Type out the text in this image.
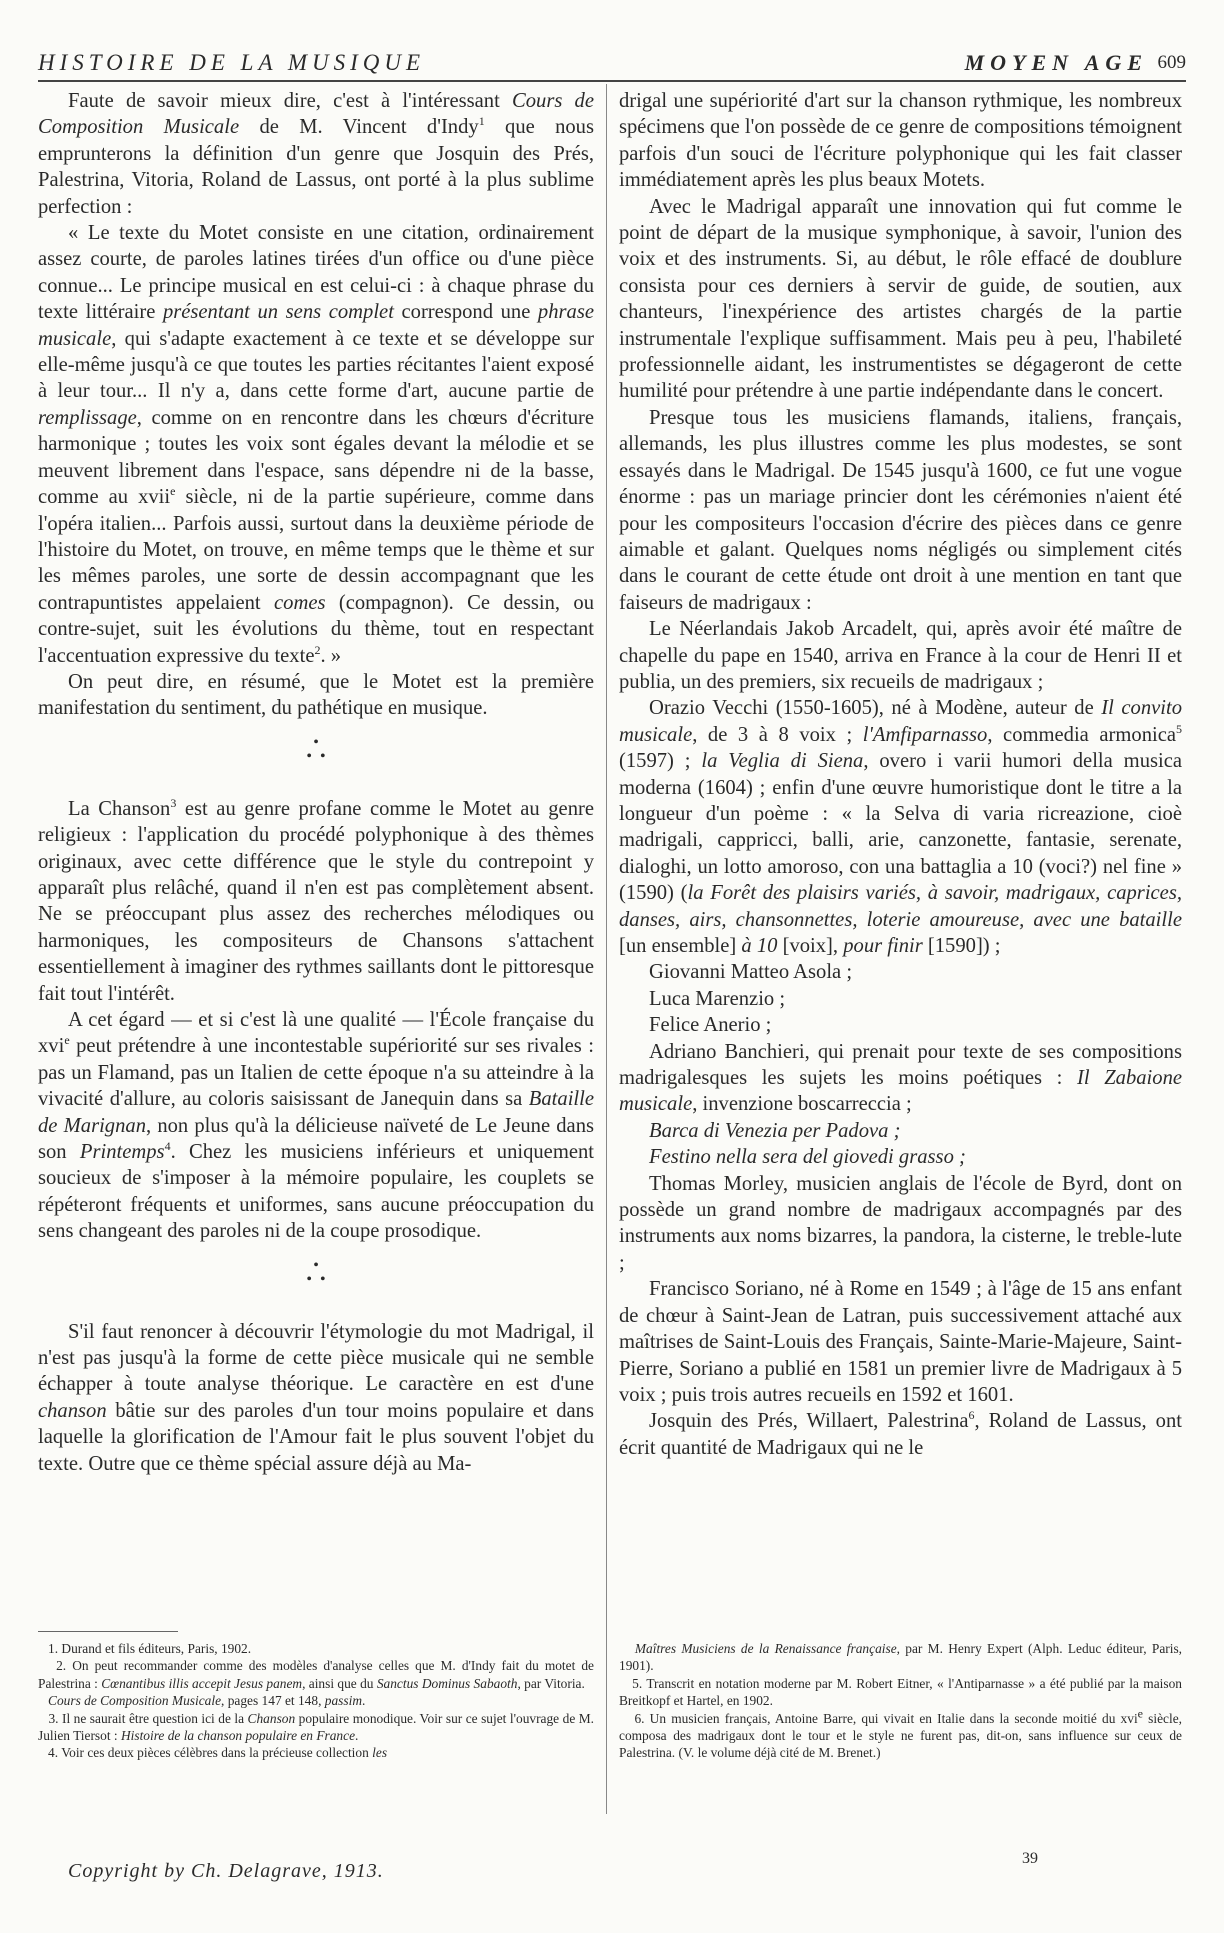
HISTOIRE DE LA MUSIQUE	MOYEN AGE 609

Faute de savoir mieux dire, c'est à l'intéressant Cours de Composition Musicale de M. Vincent d'Indy$^1$ que nous emprunterons la définition d'un genre que Josquin des Prés, Palestrina, Vitoria, Roland de Lassus, ont porté à la plus sublime perfection :

« Le texte du Motet consiste en une citation, ordinairement assez courte, de paroles latines tirées d'un office ou d'une pièce connue... Le principe musical en est celui-ci : à chaque phrase du texte littéraire présentant un sens complet correspond une phrase musicale, qui s'adapte exactement à ce texte et se développe sur elle-même jusqu'à ce que toutes les parties récitantes l'aient exposé à leur tour... Il n'y a, dans cette forme d'art, aucune partie de remplissage, comme on en rencontre dans les chœurs d'écriture harmonique ; toutes les voix sont égales devant la mélodie et se meuvent librement dans l'espace, sans dépendre ni de la basse, comme au xvii$^e$ siècle, ni de la partie supérieure, comme dans l'opéra italien... Parfois aussi, surtout dans la deuxième période de l'histoire du Motet, on trouve, en même temps que le thème et sur les mêmes paroles, une sorte de dessin accompagnant que les contrapuntistes appelaient comes (compagnon). Ce dessin, ou contre-sujet, suit les évolutions du thème, tout en respectant l'accentuation expressive du texte$^2$. »

On peut dire, en résumé, que le Motet est la première manifestation du sentiment, du pathétique en musique.

•
•  •

La Chanson$^3$ est au genre profane comme le Motet au genre religieux : l'application du procédé polyphonique à des thèmes originaux, avec cette différence que le style du contrepoint y apparaît plus relâché, quand il n'en est pas complètement absent. Ne se préoccupant plus assez des recherches mélodiques ou harmoniques, les compositeurs de Chansons s'attachent essentiellement à imaginer des rythmes saillants dont le pittoresque fait tout l'intérêt.

A cet égard — et si c'est là une qualité — l'École française du xvi$^e$ peut prétendre à une incontestable supériorité sur ses rivales : pas un Flamand, pas un Italien de cette époque n'a su atteindre à la vivacité d'allure, au coloris saisissant de Janequin dans sa Bataille de Marignan, non plus qu'à la délicieuse naïveté de Le Jeune dans son Printemps$^4$. Chez les musiciens inférieurs et uniquement soucieux de s'imposer à la mémoire populaire, les couplets se répéteront fréquents et uniformes, sans aucune préoccupation du sens changeant des paroles ni de la coupe prosodique.

•
•  •

S'il faut renoncer à découvrir l'étymologie du mot Madrigal, il n'est pas jusqu'à la forme de cette pièce musicale qui ne semble échapper à toute analyse théorique. Le caractère en est d'une chanson bâtie sur des paroles d'un tour moins populaire et dans laquelle la glorification de l'Amour fait le plus souvent l'objet du texte. Outre que ce thème spécial assure déjà au Ma-

drigal une supériorité d'art sur la chanson rythmique, les nombreux spécimens que l'on possède de ce genre de compositions témoignent parfois d'un souci de l'écriture polyphonique qui les fait classer immédiatement après les plus beaux Motets.

Avec le Madrigal apparaît une innovation qui fut comme le point de départ de la musique symphonique, à savoir, l'union des voix et des instruments. Si, au début, le rôle effacé de doublure consista pour ces derniers à servir de guide, de soutien, aux chanteurs, l'inexpérience des artistes chargés de la partie instrumentale l'explique suffisamment. Mais peu à peu, l'habileté professionnelle aidant, les instrumentistes se dégageront de cette humilité pour prétendre à une partie indépendante dans le concert.

Presque tous les musiciens flamands, italiens, français, allemands, les plus illustres comme les plus modestes, se sont essayés dans le Madrigal. De 1545 jusqu'à 1600, ce fut une vogue énorme : pas un mariage princier dont les cérémonies n'aient été pour les compositeurs l'occasion d'écrire des pièces dans ce genre aimable et galant. Quelques noms négligés ou simplement cités dans le courant de cette étude ont droit à une mention en tant que faiseurs de madrigaux :

Le Néerlandais Jakob Arcadelt, qui, après avoir été maître de chapelle du pape en 1540, arriva en France à la cour de Henri II et publia, un des premiers, six recueils de madrigaux ;

Orazio Vecchi (1550-1605), né à Modène, auteur de Il convito musicale, de 3 à 8 voix ; l'Amfiparnasso, commedia armonica$^5$ (1597) ; la Veglia di Siena, overo i varii humori della musica moderna (1604) ; enfin d'une œuvre humoristique dont le titre a la longueur d'un poème : « la Selva di varia ricreazione, cioè madrigali, cappricci, balli, arie, canzonette, fantasie, serenate, dialoghi, un lotto amoroso, con una battaglia a 10 (voci?) nel fine » (1590) (la Forêt des plaisirs variés, à savoir, madrigaux, caprices, danses, airs, chansonnettes, loterie amoureuse, avec une bataille [un ensemble] à 10 [voix], pour finir [1590]) ;

Giovanni Matteo Asola ;

Luca Marenzio ;

Felice Anerio ;

Adriano Banchieri, qui prenait pour texte de ses compositions madrigalesques les sujets les moins poétiques : Il Zabaione musicale, invenzione boscarreccia ;

Barca di Venezia per Padova ;

Festino nella sera del giovedi grasso ;

Thomas Morley, musicien anglais de l'école de Byrd, dont on possède un grand nombre de madrigaux accompagnés par des instruments aux noms bizarres, la pandora, la cisterne, le treble-lute ;

Francisco Soriano, né à Rome en 1549 ; à l'âge de 15 ans enfant de chœur à Saint-Jean de Latran, puis successivement attaché aux maîtrises de Saint-Louis des Français, Sainte-Marie-Majeure, Saint-Pierre, Soriano a publié en 1581 un premier livre de Madrigaux à 5 voix ; puis trois autres recueils en 1592 et 1601.

Josquin des Prés, Willaert, Palestrina$^6$, Roland de Lassus, ont écrit quantité de Madrigaux qui ne le

1. Durand et fils éditeurs, Paris, 1902.

2. On peut recommander comme des modèles d'analyse celles que M. d'Indy fait du motet de Palestrina : Cœnantibus illis accepit Jesus panem, ainsi que du Sanctus Dominus Sabaoth, par Vitoria.

Cours de Composition Musicale, pages 147 et 148, passim.

3. Il ne saurait être question ici de la Chanson populaire monodique. Voir sur ce sujet l'ouvrage de M. Julien Tiersot : Histoire de la chanson populaire en France.

4. Voir ces deux pièces célèbres dans la précieuse collection les

Maîtres Musiciens de la Renaissance française, par M. Henry Expert (Alph. Leduc éditeur, Paris, 1901).

5. Transcrit en notation moderne par M. Robert Eitner, « l'Antiparnasse » a été publié par la maison Breitkopf et Hartel, en 1902.

6. Un musicien français, Antoine Barre, qui vivait en Italie dans la seconde moitié du xvi$^e$ siècle, composa des madrigaux dont le tour et le style ne furent pas, dit-on, sans influence sur ceux de Palestrina. (V. le volume déjà cité de M. Brenet.)

Copyright by Ch. Delagrave, 1913.
39
